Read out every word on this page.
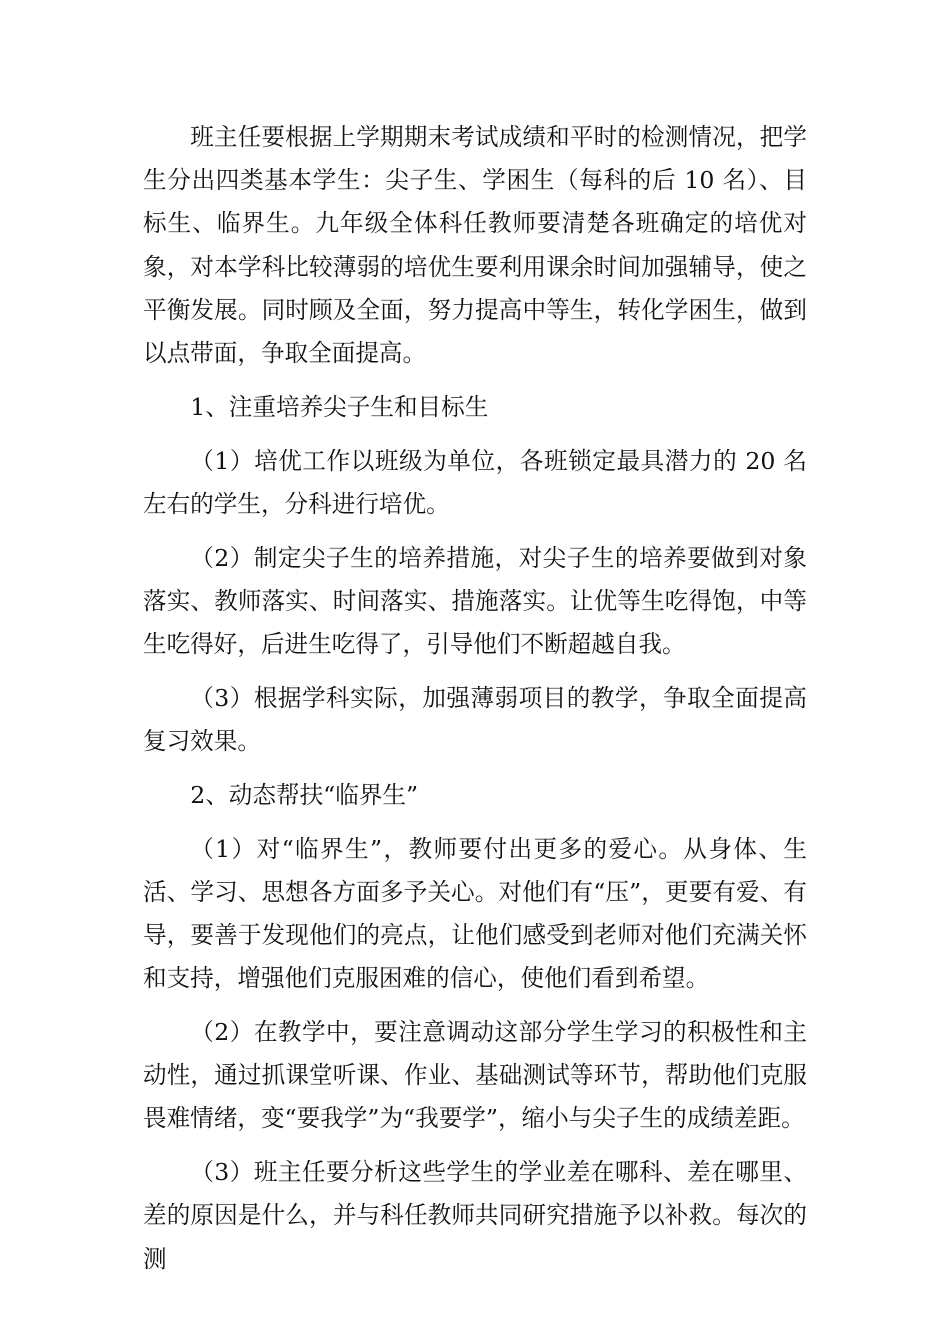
班主任要根据上学期期末考试成绩和平时的检测情况，把学生分出四类基本学生：尖子生、学困生（每科的后 10 名）、目标生、临界生。九年级全体科任教师要清楚各班确定的培优对象，对本学科比较薄弱的培优生要利用课余时间加强辅导，使之平衡发展。同时顾及全面，努力提高中等生，转化学困生，做到以点带面，争取全面提高。

1、注重培养尖子生和目标生

（1）培优工作以班级为单位，各班锁定最具潜力的 20 名左右的学生，分科进行培优。

（2）制定尖子生的培养措施，对尖子生的培养要做到对象落实、教师落实、时间落实、措施落实。让优等生吃得饱，中等生吃得好，后进生吃得了，引导他们不断超越自我。

（3）根据学科实际，加强薄弱项目的教学，争取全面提高复习效果。

2、动态帮扶“临界生”

（1）对“临界生”，教师要付出更多的爱心。从身体、生活、学习、思想各方面多予关心。对他们有“压”，更要有爱、有导，要善于发现他们的亮点，让他们感受到老师对他们充满关怀和支持，增强他们克服困难的信心，使他们看到希望。

（2）在教学中，要注意调动这部分学生学习的积极性和主动性，通过抓课堂听课、作业、基础测试等环节，帮助他们克服畏难情绪，变“要我学”为“我要学”，缩小与尖子生的成绩差距。

（3）班主任要分析这些学生的学业差在哪科、差在哪里、差的原因是什么，并与科任教师共同研究措施予以补救。每次的测
